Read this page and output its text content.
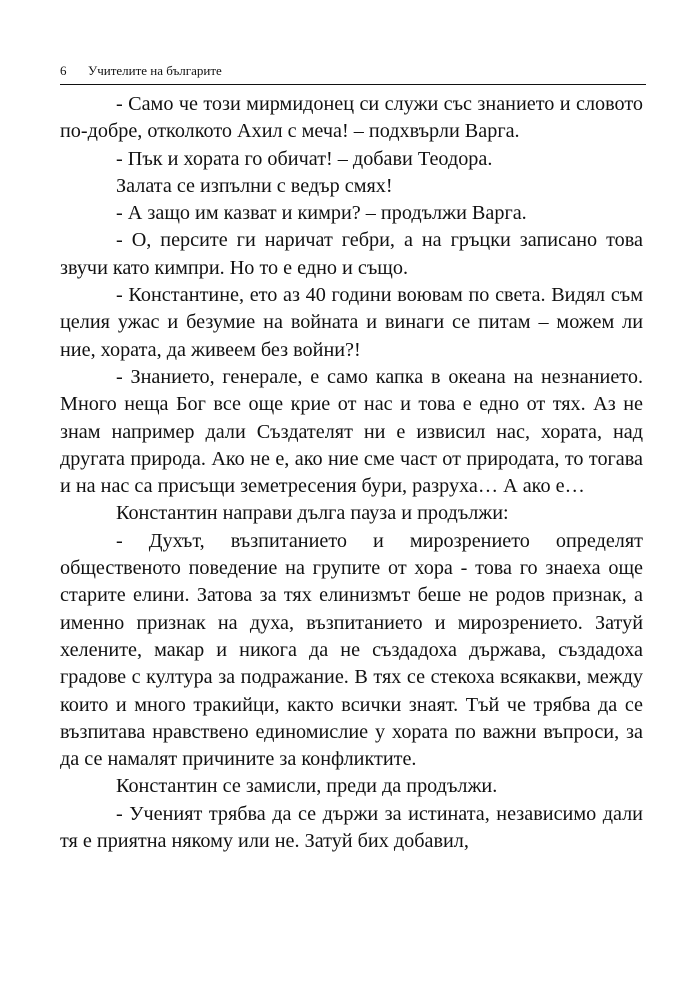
6 Учителите на българите

- Само че този мирмидонец си служи със знанието и словото по-добре, отколкото Ахил с меча! – подхвърли Варга.

- Пък и хората го обичат! – добави Теодора.

Залата се изпълни с ведър смях!

- А защо им казват и кимри? – продължи Варга.

- О, персите ги наричат гебри, а на гръцки записано това звучи като кимпри. Но то е едно и също.

- Константине, ето аз 40 години воювам по света. Видял съм целия ужас и безумие на войната и винаги се питам – можем ли ние, хората, да живеем без войни?!

- Знанието, генерале, е само капка в океана на незнанието. Много неща Бог все още крие от нас и това е едно от тях. Аз не знам например дали Създателят ни е извисил нас, хората, над другата природа. Ако не е, ако ние сме част от природата, то тогава и на нас са присъщи земетресения бури, разруха… А ако е…

Константин направи дълга пауза и продължи:

- Духът, възпитанието и мирозрението определят общественото поведение на групите от хора - това го знаеха още старите елини. Затова за тях елинизмът беше не родов признак, а именно признак на духа, възпитанието и мирозрението. Затуй хелените, макар и никога да не създадоха държава, създадоха градове с култура за подражание. В тях се стекоха всякакви, между които и много тракийци, както всички знаят. Тъй че трябва да се възпитава нравствено единомислие у хората по важни въпроси, за да се намалят причините за конфликтите.

Константин се замисли, преди да продължи.

- Ученият трябва да се държи за истината, независимо дали тя е приятна някому или не. Затуй бих добавил,
